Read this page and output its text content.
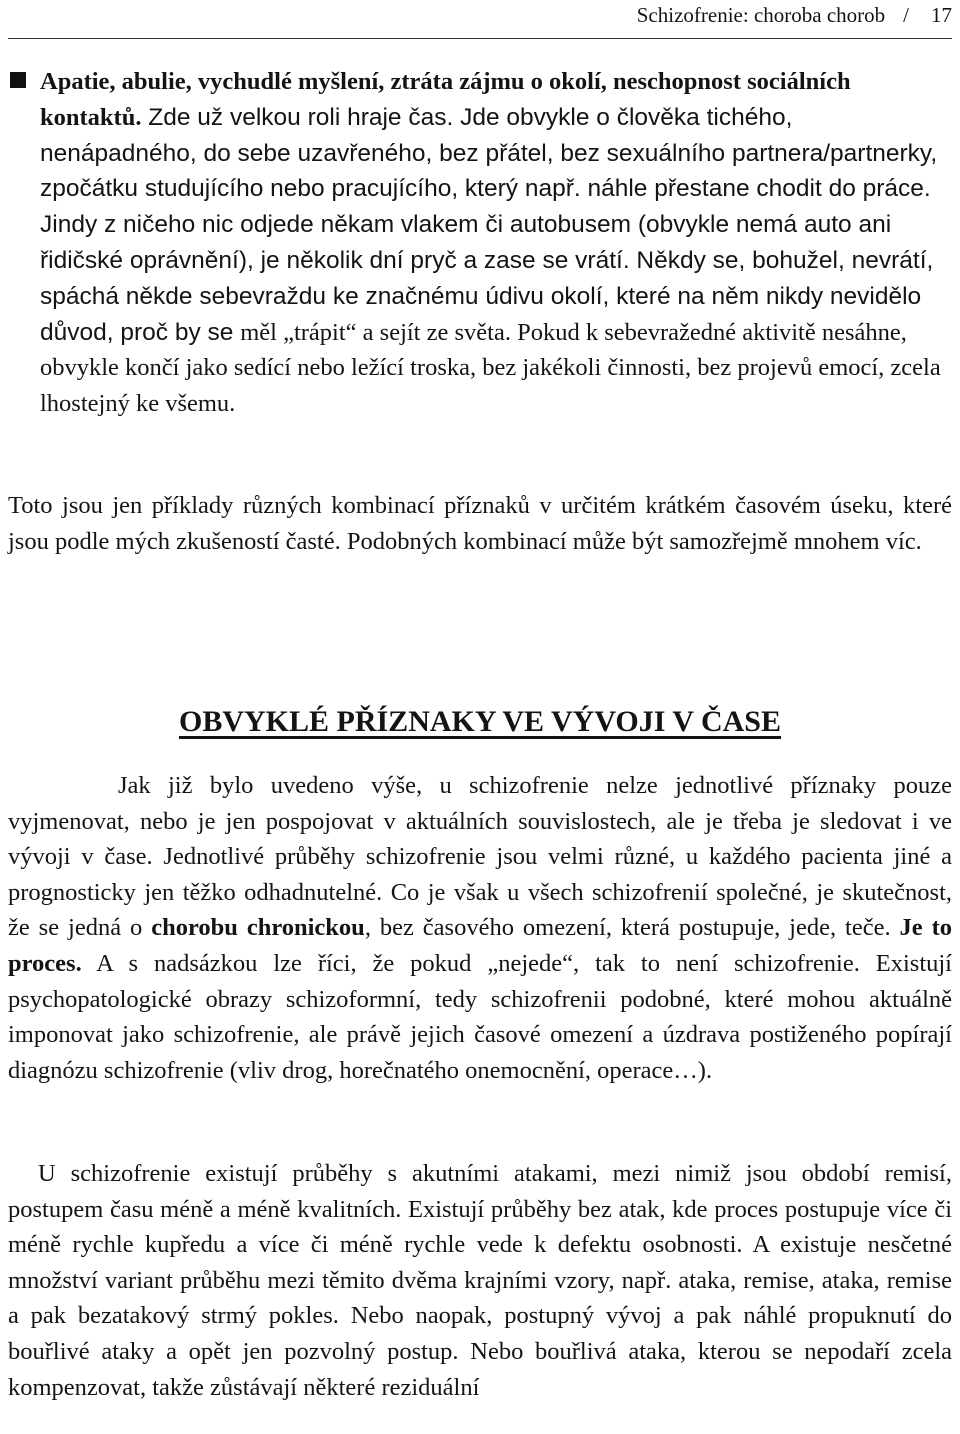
Schizofrenie: choroba chorob / 17
Apatie, abulie, vychudlé myšlení, ztráta zájmu o okolí, neschopnost sociálních kontaktů. Zde už velkou roli hraje čas. Jde obvykle o člověka tichého, nenápadného, do sebe uzavřeného, bez přátel, bez sexuálního partnera/partnerky, zpočátku studujícího nebo pracujícího, který např. náhle přestane chodit do práce. Jindy z ničeho nic odjede někam vlakem či autobusem (obvykle nemá auto ani řidičské oprávnění), je několik dní pryč a zase se vrátí. Někdy se, bohužel, nevrátí, spáchá někde sebevraždu ke značnému údivu okolí, které na něm nikdy nevidělo důvod, proč by se měl „trápit“ a sejít ze světa. Pokud k sebevražedné aktivitě nesáhne, obvykle končí jako sedící nebo ležící troska, bez jakékoli činnosti, bez projevů emocí, zcela lhostejný ke všemu.
Toto jsou jen příklady různých kombinací příznaků v určitém krátkém časovém úseku, které jsou podle mých zkušeností časté. Podobných kombinací může být samozřejmě mnohem víc.
OBVYKLÉ PŘÍZNAKY VE VÝVOJI V ČASE
Jak již bylo uvedeno výše, u schizofrenie nelze jednotlivé příznaky pouze vyjmenovat, nebo je jen pospojovat v aktuálních souvislostech, ale je třeba je sledovat i ve vývoji v čase. Jednotlivé průběhy schizofrenie jsou velmi různé, u každého pacienta jiné a prognosticky jen těžko odhadnutelné. Co je však u všech schizofrenií společné, je skutečnost, že se jedná o chorobu chronickou, bez časového omezení, která postupuje, jede, teče. Je to proces. A s nadsázkou lze říci, že pokud „nejede“, tak to není schizofrenie. Existují psychopatologické obrazy schizoformní, tedy schizofrenii podobné, které mohou aktuálně imponovat jako schizofrenie, ale právě jejich časové omezení a úzdrava postiženého popírají diagnózu schizofrenie (vliv drog, horečnatého onemocnění, operace…).
U schizofrenie existují průběhy s akutními atakami, mezi nimiž jsou období remisí, postupem času méně a méně kvalitních. Existují průběhy bez atak, kde proces postupuje více či méně rychle kupředu a více či méně rychle vede k defektu osobnosti. A existuje nesčetné množství variant průběhu mezi těmito dvěma krajními vzory, např. ataka, remise, ataka, remise a pak bezatakový strmý pokles. Nebo naopak, postupný vývoj a pak náhlé propuknutí do bouřlivé ataky a opět jen pozvolný postup. Nebo bouřlivá ataka, kterou se nepodaří zcela kompenzovat, takže zůstávají některé reziduální
